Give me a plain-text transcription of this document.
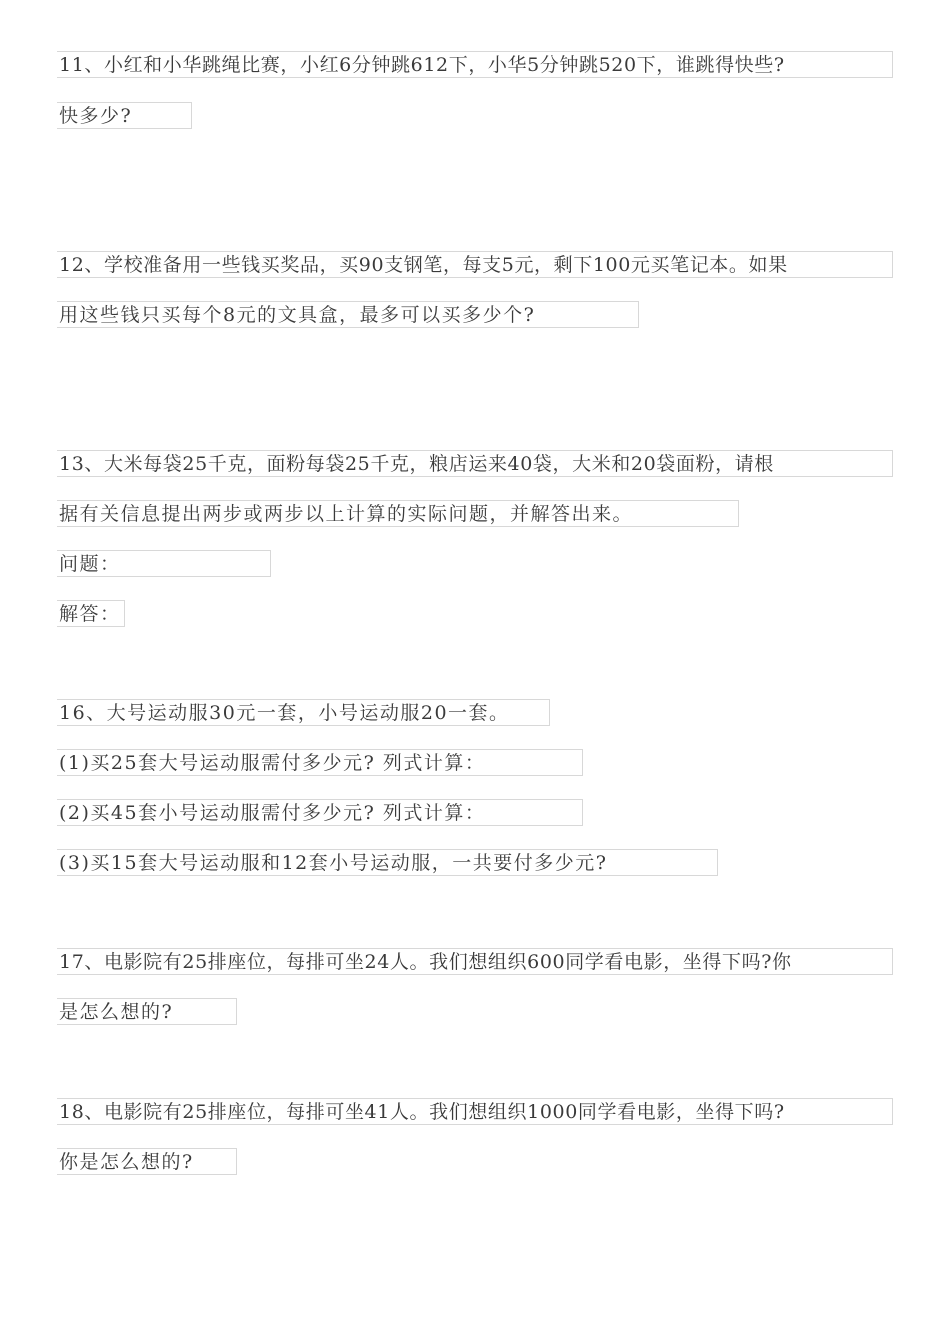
11、小红和小华跳绳比赛，小红6分钟跳612下，小华5分钟跳520下，谁跳得快些?
快多少?
12、学校准备用一些钱买奖品，买90支钢笔，每支5元，剩下100元买笔记本。如果
用这些钱只买每个8元的文具盒，最多可以买多少个?
13、大米每袋25千克，面粉每袋25千克，粮店运来40袋，大米和20袋面粉，请根
据有关信息提出两步或两步以上计算的实际问题，并解答出来。
问题：
解答：
16、大号运动服30元一套，小号运动服20一套。
(1)买25套大号运动服需付多少元? 列式计算：
(2)买45套小号运动服需付多少元? 列式计算：
(3)买15套大号运动服和12套小号运动服，一共要付多少元?
17、电影院有25排座位，每排可坐24人。我们想组织600同学看电影，坐得下吗?你
是怎么想的?
18、电影院有25排座位，每排可坐41人。我们想组织1000同学看电影，坐得下吗?
你是怎么想的?
